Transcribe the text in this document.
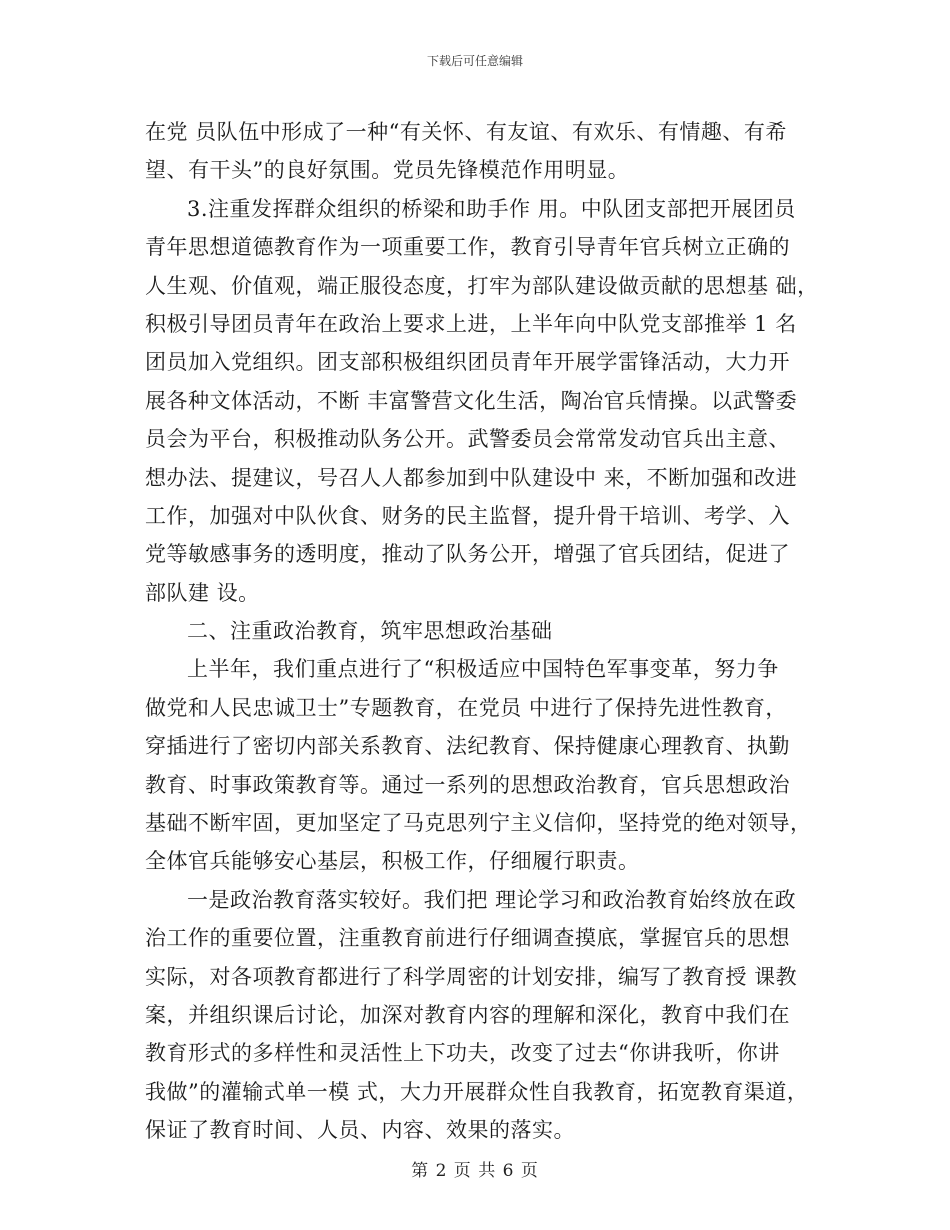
下载后可任意编辑
在党 员队伍中形成了一种“有关怀、有友谊、有欢乐、有情趣、有希
望、有干头”的良好氛围。党员先锋模范作用明显。
3.注重发挥群众组织的桥梁和助手作 用。中队团支部把开展团员
青年思想道德教育作为一项重要工作，教育引导青年官兵树立正确的
人生观、价值观，端正服役态度，打牢为部队建设做贡献的思想基 础，
积极引导团员青年在政治上要求上进，上半年向中队党支部推举 1 名
团员加入党组织。团支部积极组织团员青年开展学雷锋活动，大力开
展各种文体活动，不断 丰富警营文化生活，陶冶官兵情操。以武警委
员会为平台，积极推动队务公开。武警委员会常常发动官兵出主意、
想办法、提建议，号召人人都参加到中队建设中 来，不断加强和改进
工作，加强对中队伙食、财务的民主监督，提升骨干培训、考学、入
党等敏感事务的透明度，推动了队务公开，增强了官兵团结，促进了
部队建 设。
二、注重政治教育，筑牢思想政治基础
上半年，我们重点进行了“积极适应中国特色军事变革，努力争
做党和人民忠诚卫士”专题教育，在党员 中进行了保持先进性教育，
穿插进行了密切内部关系教育、法纪教育、保持健康心理教育、执勤
教育、时事政策教育等。通过一系列的思想政治教育，官兵思想政治
基础不断牢固，更加坚定了马克思列宁主义信仰，坚持党的绝对领导，
全体官兵能够安心基层，积极工作，仔细履行职责。
一是政治教育落实较好。我们把 理论学习和政治教育始终放在政
治工作的重要位置，注重教育前进行仔细调查摸底，掌握官兵的思想
实际，对各项教育都进行了科学周密的计划安排，编写了教育授 课教
案，并组织课后讨论，加深对教育内容的理解和深化，教育中我们在
教育形式的多样性和灵活性上下功夫，改变了过去“你讲我听，你讲
我做”的灌输式单一模 式，大力开展群众性自我教育，拓宽教育渠道，
保证了教育时间、人员、内容、效果的落实。
第 2 页 共 6 页
